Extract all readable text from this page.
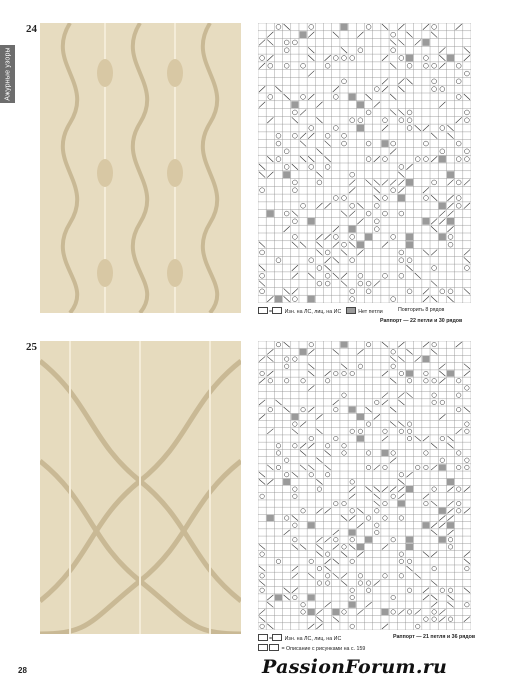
Ажурные узоры
24
= Изн. на ЛС, лиц. на ИС	Нет петли	Повторить 8 рядов
Раппорт — 22 петли и 30 рядов
25
= Изн. на ЛС, лиц. на ИС	Раппорт — 21 петля и 36 рядов
= Описание с рисунками на с. 159
28	PassionForum.ru
